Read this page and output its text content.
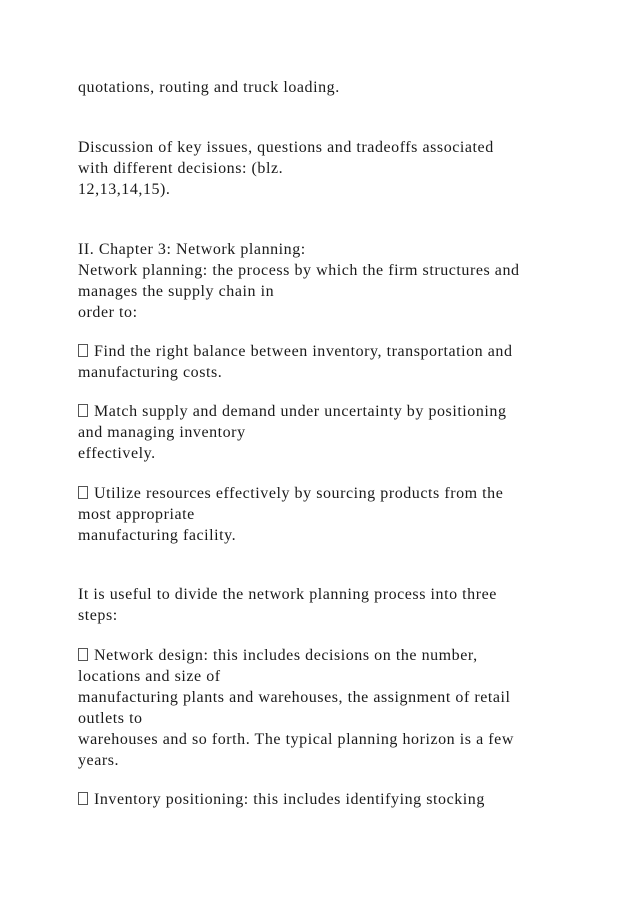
quotations, routing and truck loading.
Discussion of key issues, questions and tradeoffs associated
with different decisions: (blz.
12,13,14,15).
II. Chapter 3: Network planning:
Network planning: the process by which the firm structures and
manages the supply chain in
order to:
Find the right balance between inventory, transportation and
manufacturing costs.
Match supply and demand under uncertainty by positioning
and managing inventory
effectively.
Utilize resources effectively by sourcing products from the
most appropriate
manufacturing facility.
It is useful to divide the network planning process into three
steps:
Network design: this includes decisions on the number,
locations and size of
manufacturing plants and warehouses, the assignment of retail
outlets to
warehouses and so forth. The typical planning horizon is a few
years.
Inventory positioning: this includes identifying stocking
